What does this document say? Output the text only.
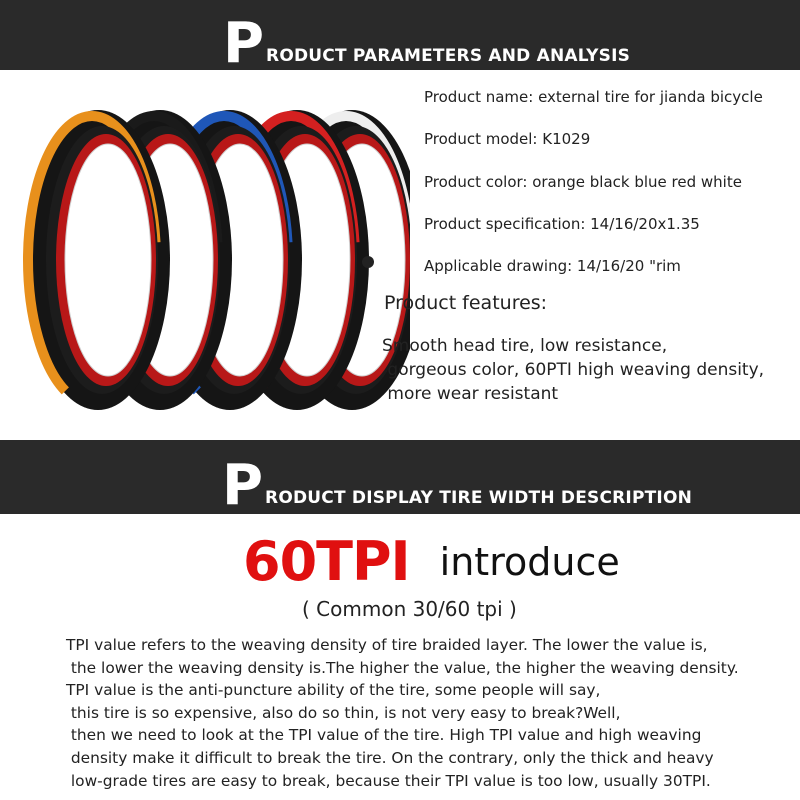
P RODUCT PARAMETERS AND ANALYSIS
Product name: external tire for jianda bicycle
Product model: K1029
Product color: orange black blue red white
Product specification: 14/16/20x1.35
Applicable drawing: 14/16/20 "rim
Product features:
Smooth head tire, low resistance,
gorgeous color, 60PTI high weaving density,
more wear resistant
P RODUCT DISPLAY TIRE WIDTH DESCRIPTION
60TPI introduce
( Common 30/60 tpi )
TPI value refers to the weaving density of tire braided layer. The lower the value is,
the lower the weaving density is.The higher the value, the higher the weaving density.
TPI value is the anti-puncture ability of the tire, some people will say,
this tire is so expensive, also do so thin, is not very easy to break?Well,
then we need to look at the TPI value of the tire. High TPI value and high weaving
density make it difficult to break the tire. On the contrary, only the thick and heavy
low-grade tires are easy to break, because their TPI value is too low, usually 30TPI.
